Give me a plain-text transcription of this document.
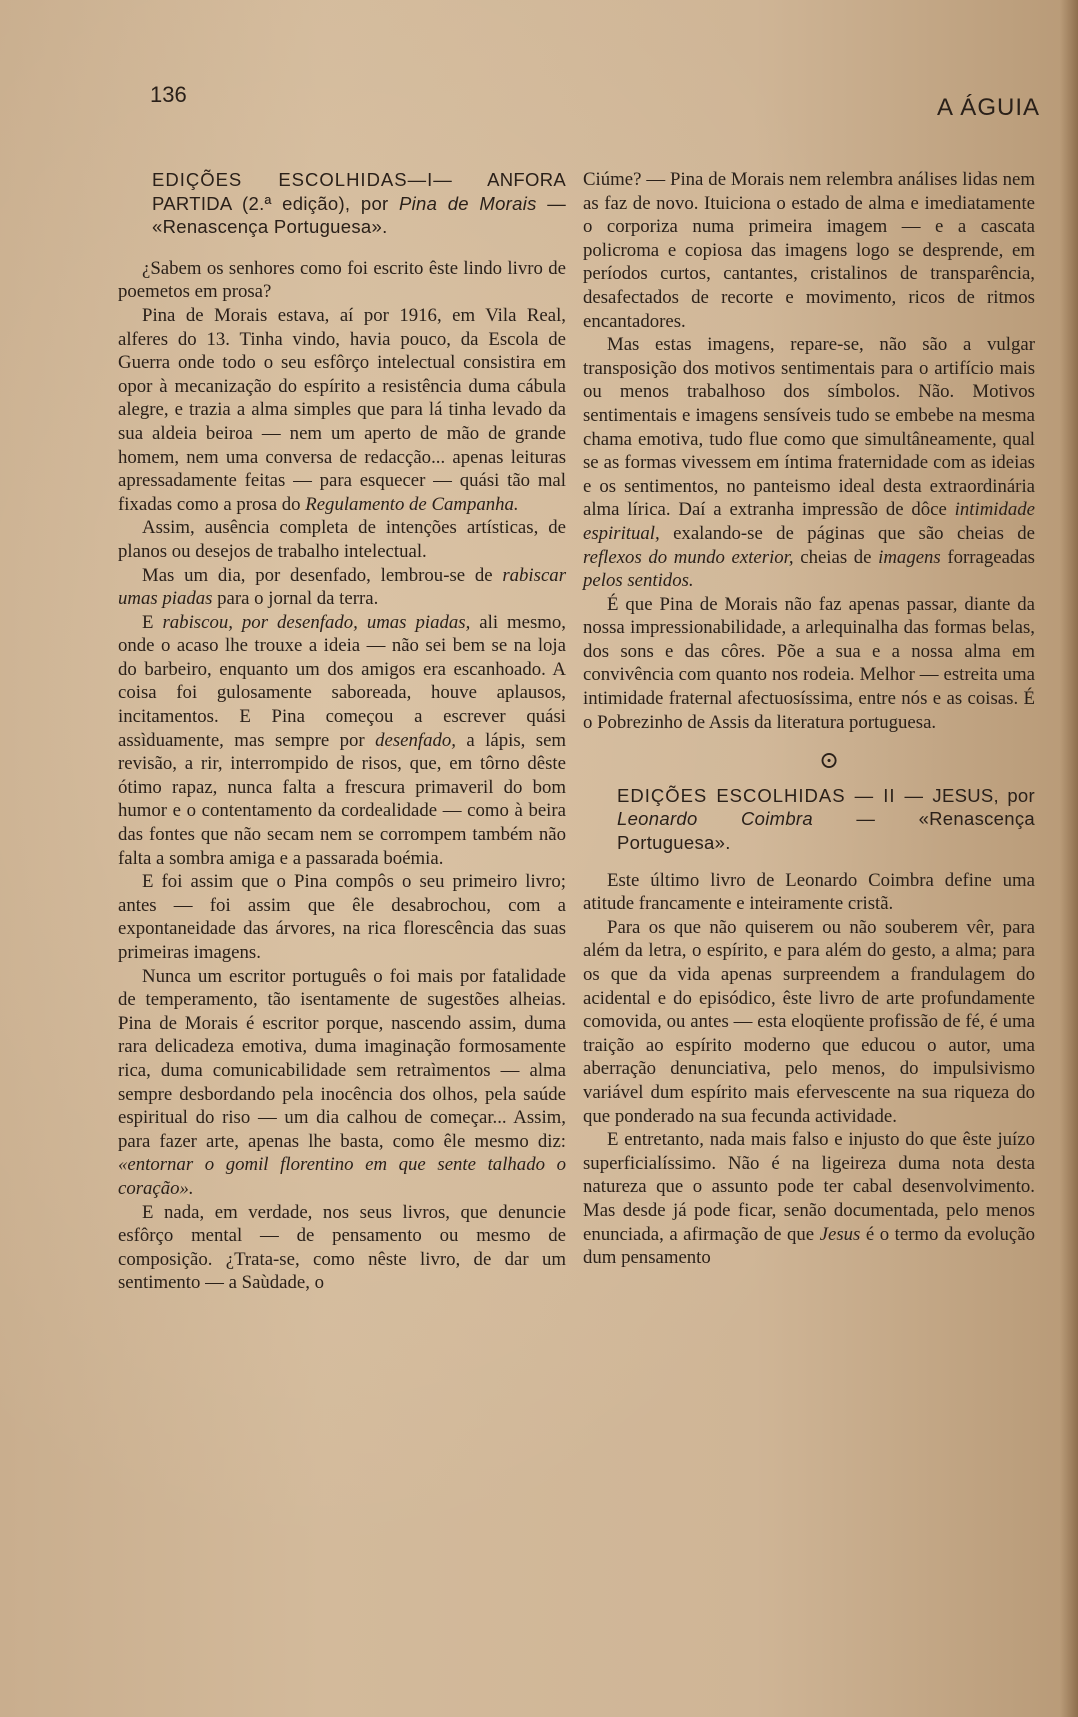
136	A ÁGUIA

EDIÇÕES ESCOLHIDAS—I— ANFORA PARTIDA (2.ª edição), por Pina de Morais — «Renascença Portuguesa».

¿Sabem os senhores como foi escrito êste lindo livro de poemetos em prosa?

Pina de Morais estava, aí por 1916, em Vila Real, alferes do 13. Tinha vindo, havia pouco, da Escola de Guerra onde todo o seu esfôrço intelectual consistira em opor à mecanização do espírito a resistência duma cábula alegre, e trazia a alma simples que para lá tinha levado da sua aldeia beiroa — nem um aperto de mão de grande homem, nem uma conversa de redacção... apenas leituras apressadamente feitas — para esquecer — quási tão mal fixadas como a prosa do Regulamento de Campanha.

Assim, ausência completa de intenções artísticas, de planos ou desejos de trabalho intelectual.

Mas um dia, por desenfado, lembrou-se de rabiscar umas piadas para o jornal da terra.

E rabiscou, por desenfado, umas piadas, ali mesmo, onde o acaso lhe trouxe a ideia — não sei bem se na loja do barbeiro, enquanto um dos amigos era escanhoado. A coisa foi gulosamente saboreada, houve aplausos, incitamentos. E Pina começou a escrever quási assìduamente, mas sempre por desenfado, a lápis, sem revisão, a rir, interrompido de risos, que, em tôrno dêste ótimo rapaz, nunca falta a frescura primaveril do bom humor e o contentamento da cordealidade — como à beira das fontes que não secam nem se corrompem também não falta a sombra amiga e a passarada boémia.

E foi assim que o Pina compôs o seu primeiro livro; antes — foi assim que êle desabrochou, com a expontaneidade das árvores, na rica florescência das suas primeiras imagens.

Nunca um escritor português o foi mais por fatalidade de temperamento, tão isentamente de sugestões alheias. Pina de Morais é escritor porque, nascendo assim, duma rara delicadeza emotiva, duma imaginação formosamente rica, duma comunicabilidade sem retraìmentos — alma sempre desbordando pela inocência dos olhos, pela saúde espiritual do riso — um dia calhou de começar... Assim, para fazer arte, apenas lhe basta, como êle mesmo diz: «entornar o gomil florentino em que sente talhado o coração».

E nada, em verdade, nos seus livros, que denuncie esfôrço mental — de pensamento ou mesmo de composição. ¿Trata-se, como nêste livro, de dar um sentimento — a Saùdade, o

Ciúme? — Pina de Morais nem relembra análises lidas nem as faz de novo. Ituiciona o estado de alma e imediatamente o corporiza numa primeira imagem — e a cascata policroma e copiosa das imagens logo se desprende, em períodos curtos, cantantes, cristalinos de transparência, desafectados de recorte e movimento, ricos de ritmos encantadores.

Mas estas imagens, repare-se, não são a vulgar transposição dos motivos sentimentais para o artifício mais ou menos trabalhoso dos símbolos. Não. Motivos sentimentais e imagens sensíveis tudo se embebe na mesma chama emotiva, tudo flue como que simultâneamente, qual se as formas vivessem em íntima fraternidade com as ideias e os sentimentos, no panteismo ideal desta extraordinária alma lírica. Daí a extranha impressão de dôce intimidade espiritual, exalando-se de páginas que são cheias de reflexos do mundo exterior, cheias de imagens forrageadas pelos sentidos.

É que Pina de Morais não faz apenas passar, diante da nossa impressionabilidade, a arlequinalha das formas belas, dos sons e das côres. Põe a sua e a nossa alma em convivência com quanto nos rodeia. Melhor — estreita uma intimidade fraternal afectuosíssima, entre nós e as coisas. É o Pobrezinho de Assis da literatura portuguesa.

⊙

EDIÇÕES ESCOLHIDAS — II — JESUS, por Leonardo Coimbra — «Renascença Portuguesa».

Este último livro de Leonardo Coimbra define uma atitude francamente e inteiramente cristã.

Para os que não quiserem ou não souberem vêr, para além da letra, o espírito, e para além do gesto, a alma; para os que da vida apenas surpreendem a frandulagem do acidental e do episódico, êste livro de arte profundamente comovida, ou antes — esta eloqüente profissão de fé, é uma traição ao espírito moderno que educou o autor, uma aberração denunciativa, pelo menos, do impulsivismo variável dum espírito mais efervescente na sua riqueza do que ponderado na sua fecunda actividade.

E entretanto, nada mais falso e injusto do que êste juízo superficialíssimo. Não é na ligeireza duma nota desta natureza que o assunto pode ter cabal desenvolvimento. Mas desde já pode ficar, senão documentada, pelo menos enunciada, a afirmação de que Jesus é o termo da evolução dum pensamento
